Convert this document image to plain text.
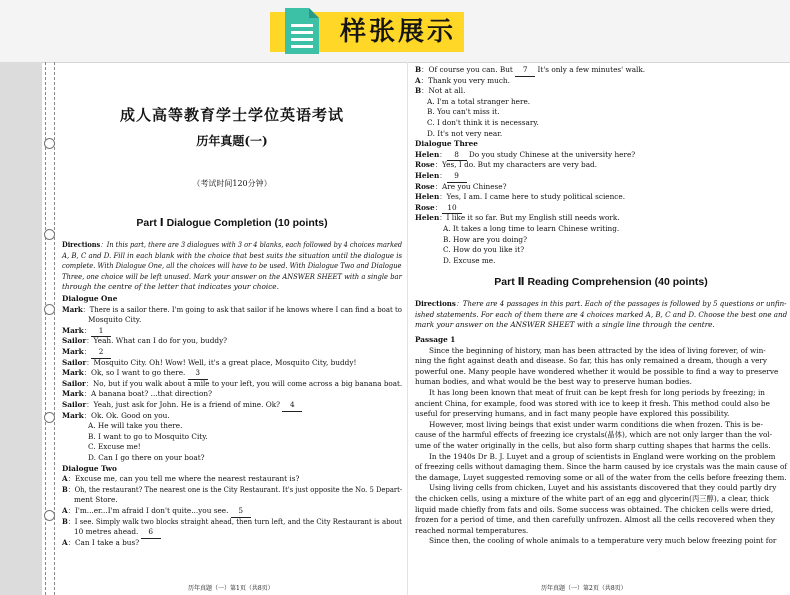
样张展示
成人高等教育学士学位英语考试
历年真题(一)
（考试时间120分钟）
Part Ⅰ Dialogue Completion (10 points)
Directions：In this part, there are 3 dialogues with 3 or 4 blanks, each followed by 4 choices marked
A, B, C and D. Fill in each blank with the choice that best suits the situation until the dialogue is
complete. With Dialogue One, all the choices will have to be used. With Dialogue Two and Dialogue
Three, one choice will be left unused. Mark your answer on the ANSWER SHEET with a single bar
through the centre of the letter that indicates your choice.
Dialogue One
Mark：There is a sailor there. I'm going to ask that sailor if he knows where I can find a boat to
Mosquito City.
Mark： 1
Sailor：Yeah. What can I do for you, buddy?
Mark： 2
Sailor：Mosquito City. Oh! Wow! Well, it's a great place, Mosquito City, buddy!
Mark：Ok, so I want to go there. 3
Sailor：No, but if you walk about a mile to your left, you will come across a big banana boat.
Mark：A banana boat? ...that direction?
Sailor：Yeah, just ask for John. He is a friend of mine. Ok? 4
Mark：Ok. Ok. Good on you.
A. He will take you there.
B. I want to go to Mosquito City.
C. Excuse me!
D. Can I go there on your boat?
Dialogue Two
A：Excuse me, can you tell me where the nearest restaurant is?
B：Oh, the restaurant? The nearest one is the City Restaurant. It's just opposite the No. 5 Depart-
ment Store.
A：I'm...er...I'm afraid I don't quite...you see. 5
B：I see. Simply walk two blocks straight ahead, then turn left, and the City Restaurant is about
10 metres ahead. 6
A：Can I take a bus?
历年真题（一）第1页（共8页）
B：Of course you can. But 7 It's only a few minutes' walk.
A：Thank you very much.
B：Not at all.
A. I'm a total stranger here.
B. You can't miss it.
C. I don't think it is necessary.
D. It's not very near.
Dialogue Three
Helen： 8 Do you study Chinese at the university here?
Rose：Yes, I do. But my characters are very bad.
Helen： 9
Rose：Are you Chinese?
Helen：Yes, I am. I came here to study political science.
Rose： 10
Helen：I like it so far. But my English still needs work.
A. It takes a long time to learn Chinese writing.
B. How are you doing?
C. How do you like it?
D. Excuse me.
Part Ⅱ Reading Comprehension (40 points)
Directions：There are 4 passages in this part. Each of the passages is followed by 5 questions or unfin-
ished statements. For each of them there are 4 choices marked A, B, C and D. Choose the best one and
mark your answer on the ANSWER SHEET with a single line through the centre.
Passage 1
Since the beginning of history, man has been attracted by the idea of living forever, of win-
ning the fight against death and disease. So far, this has only remained a dream, though a very
powerful one. Many people have wondered whether it would be possible to find a way to preserve
human bodies, and what would be the best way to preserve human bodies.
It has long been known that meat of fruit can be kept fresh for long periods by freezing; in
ancient China, for example, food was stored with ice to keep it fresh. This method could also be
useful for preserving humans, and in fact many people have explored this possibility.
However, most living beings that exist under warm conditions die when frozen. This is be-
cause of the harmful effects of freezing ice crystals(晶体), which are not only larger than the vol-
ume of the water originally in the cells, but also form sharp cutting shapes that harms the cells.
In the 1940s Dr B. J. Luyet and a group of scientists in England were working on the problem
of freezing cells without damaging them. Since the harm caused by ice crystals was the main cause of
the damage, Luyet suggested removing some or all of the water from the cells before freezing them.
Using living cells from chicken, Luyet and his assistants discovered that they could partly dry
the chicken cells, using a mixture of the white part of an egg and glycerin(丙三醇), a clear, thick
liquid made chiefly from fats and oils. Some success was obtained. The chicken cells were dried,
frozen for a period of time, and then carefully unfrozen. Almost all the cells recovered when they
reached normal temperatures.
Since then, the cooling of whole animals to a temperature very much below freezing point for
历年真题（一）第2页（共8页）
